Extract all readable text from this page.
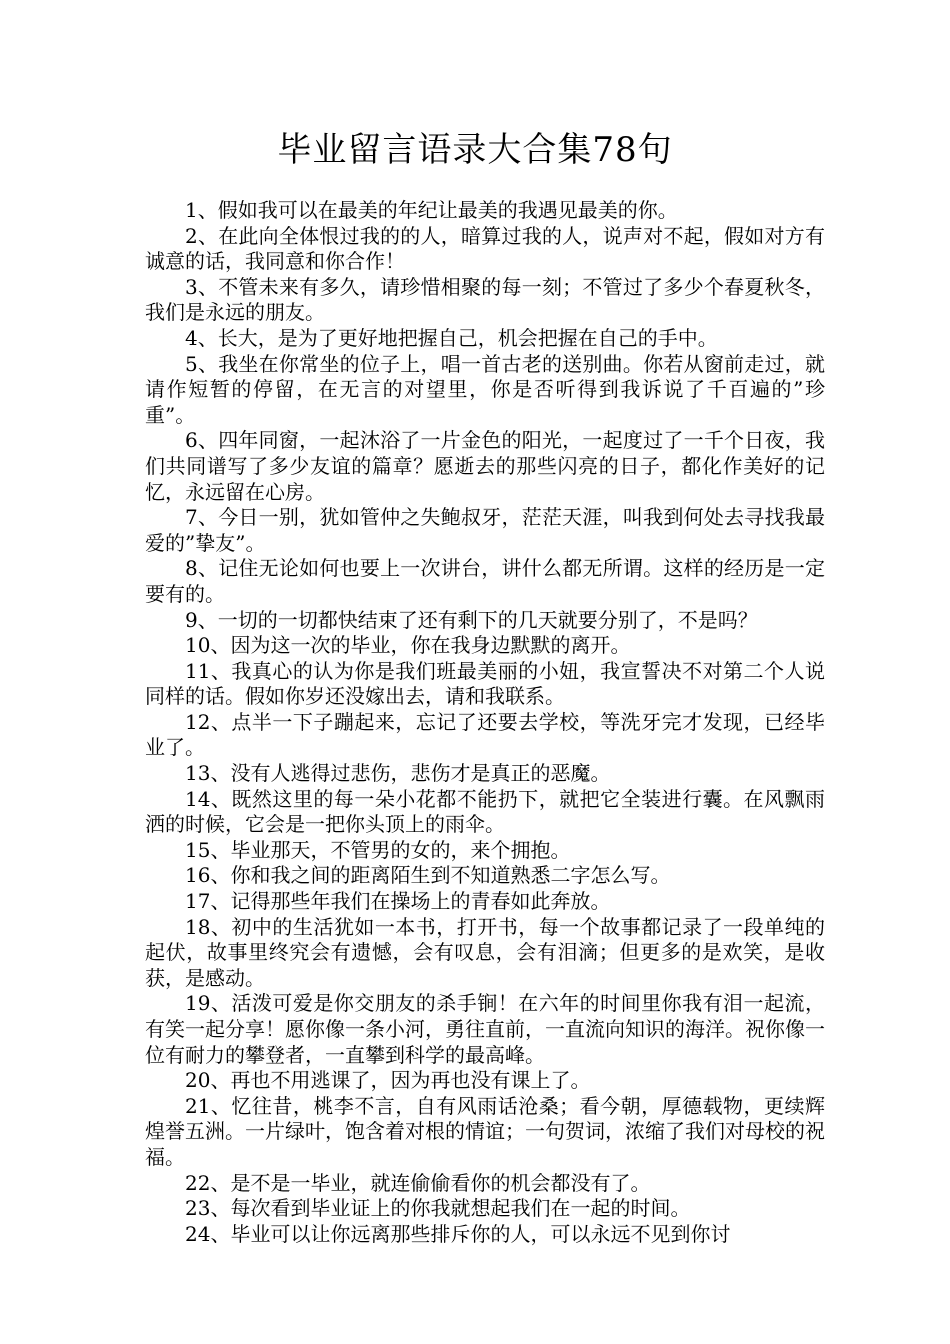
毕业留言语录大合集78句

1、假如我可以在最美的年纪让最美的我遇见最美的你。

2、在此向全体恨过我的的人，暗算过我的人，说声对不起，假如对方有诚意的话，我同意和你合作！

3、不管未来有多久，请珍惜相聚的每一刻；不管过了多少个春夏秋冬，我们是永远的朋友。

4、长大，是为了更好地把握自己，机会把握在自己的手中。

5、我坐在你常坐的位子上，唱一首古老的送别曲。你若从窗前走过，就请作短暂的停留，在无言的对望里，你是否听得到我诉说了千百遍的”珍重”。

6、四年同窗，一起沐浴了一片金色的阳光，一起度过了一千个日夜，我们共同谱写了多少友谊的篇章？愿逝去的那些闪亮的日子，都化作美好的记忆，永远留在心房。

7、今日一别，犹如管仲之失鲍叔牙，茫茫天涯，叫我到何处去寻找我最爱的”挚友”。

8、记住无论如何也要上一次讲台，讲什么都无所谓。这样的经历是一定要有的。

9、一切的一切都快结束了还有剩下的几天就要分别了，不是吗？

10、因为这一次的毕业，你在我身边默默的离开。

11、我真心的认为你是我们班最美丽的小妞，我宣誓决不对第二个人说同样的话。假如你岁还没嫁出去，请和我联系。

12、点半一下子蹦起来，忘记了还要去学校，等洗牙完才发现，已经毕业了。

13、没有人逃得过悲伤，悲伤才是真正的恶魔。

14、既然这里的每一朵小花都不能扔下，就把它全装进行囊。在风飘雨洒的时候，它会是一把你头顶上的雨伞。

15、毕业那天，不管男的女的，来个拥抱。

16、你和我之间的距离陌生到不知道熟悉二字怎么写。

17、记得那些年我们在操场上的青春如此奔放。

18、初中的生活犹如一本书，打开书，每一个故事都记录了一段单纯的起伏，故事里终究会有遗憾，会有叹息，会有泪滴；但更多的是欢笑，是收获，是感动。

19、活泼可爱是你交朋友的杀手锏！在六年的时间里你我有泪一起流，有笑一起分享！愿你像一条小河，勇往直前，一直流向知识的海洋。祝你像一位有耐力的攀登者，一直攀到科学的最高峰。

20、再也不用逃课了，因为再也没有课上了。

21、忆往昔，桃李不言，自有风雨话沧桑；看今朝，厚德载物，更续辉煌誉五洲。一片绿叶，饱含着对根的情谊；一句贺词，浓缩了我们对母校的祝福。

22、是不是一毕业，就连偷偷看你的机会都没有了。

23、每次看到毕业证上的你我就想起我们在一起的时间。

24、毕业可以让你远离那些排斥你的人，可以永远不见到你讨
